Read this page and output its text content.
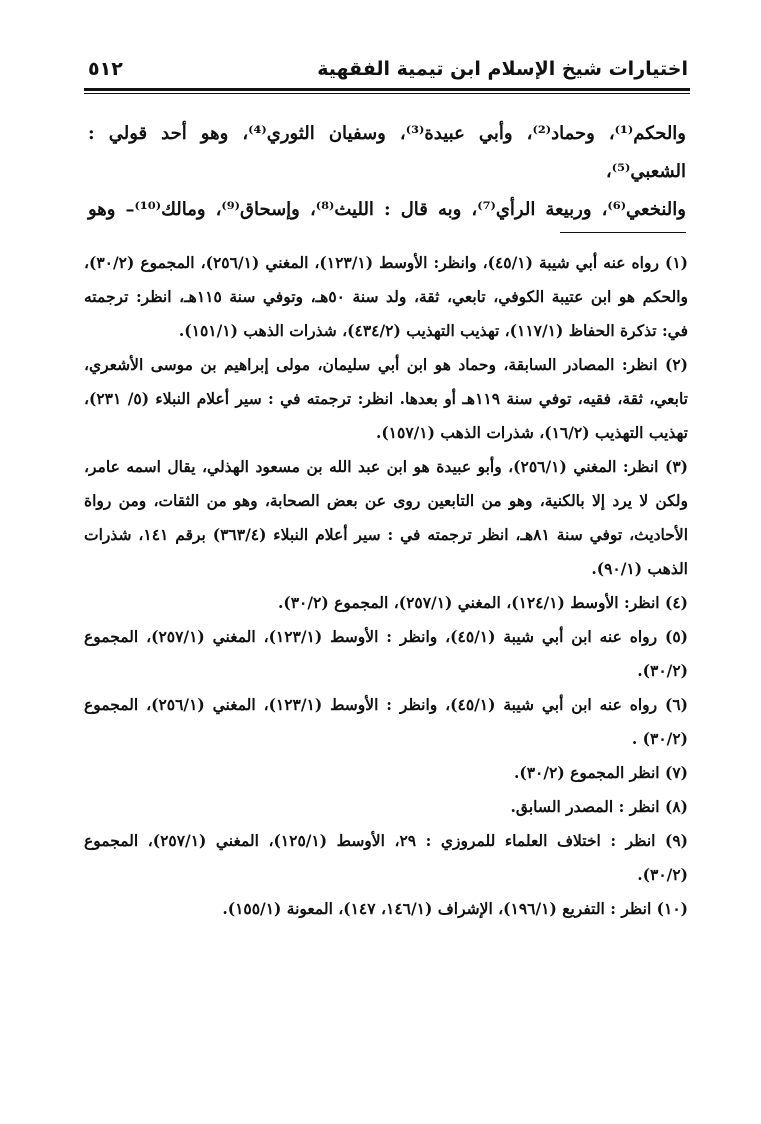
اختيارات شيخ الإسلام ابن تيمية الفقهية
٥١٢

والحكم⁽¹⁾، وحماد⁽²⁾، وأبي عبيدة⁽³⁾، وسفيان الثوري⁽⁴⁾، وهو أحد قولي : الشعبي⁽⁵⁾،

والنخعي⁽⁶⁾، وربيعة الرأي⁽⁷⁾، وبه قال : الليث⁽⁸⁾، وإسحاق⁽⁹⁾، ومالك⁽¹⁰⁾– وهو

(١) رواه عنه أبي شيبة (٤٥/١)، وانظر: الأوسط (١٢٣/١)، المغني (٢٥٦/١)، المجموع (٣٠/٢)، والحكم هو ابن عتيبة الكوفي، تابعي، ثقة، ولد سنة ٥٠هـ، وتوفي سنة ١١٥هـ، انظر: ترجمته في: تذكرة الحفاظ (١١٧/١)، تهذيب التهذيب (٤٣٤/٢)، شذرات الذهب (١٥١/١).

(٢) انظر: المصادر السابقة، وحماد هو ابن أبي سليمان، مولى إبراهيم بن موسى الأشعري، تابعي، ثقة، فقيه، توفي سنة ١١٩هـ أو بعدها. انظر: ترجمته في : سير أعلام النبلاء (٥/ ٢٣١)، تهذيب التهذيب (١٦/٢)، شذرات الذهب (١٥٧/١).

(٣) انظر: المغني (٢٥٦/١)، وأبو عبيدة هو ابن عبد الله بن مسعود الهذلي، يقال اسمه عامر، ولكن لا يرد إلا بالكنية، وهو من التابعين روى عن بعض الصحابة، وهو من الثقات، ومن رواة الأحاديث، توفي سنة ٨١هـ، انظر ترجمته في : سير أعلام النبلاء (٣٦٣/٤) برقم ١٤١، شذرات الذهب (٩٠/١).

(٤) انظر: الأوسط (١٢٤/١)، المغني (٢٥٧/١)، المجموع (٣٠/٢).

(٥) رواه عنه ابن أبي شيبة (٤٥/١)، وانظر : الأوسط (١٢٣/١)، المغني (٢٥٧/١)، المجموع (٣٠/٢).

(٦) رواه عنه ابن أبي شيبة (٤٥/١)، وانظر : الأوسط (١٢٣/١)، المغني (٢٥٦/١)، المجموع (٣٠/٢) .

(٧) انظر المجموع (٣٠/٢).

(٨) انظر : المصدر السابق.

(٩) انظر : اختلاف العلماء للمروزي : ٢٩، الأوسط (١٢٥/١)، المغني (٢٥٧/١)، المجموع (٣٠/٢).

(١٠) انظر : التفريع (١٩٦/١)، الإشراف (١٤٦/١، ١٤٧)، المعونة (١٥٥/١).
